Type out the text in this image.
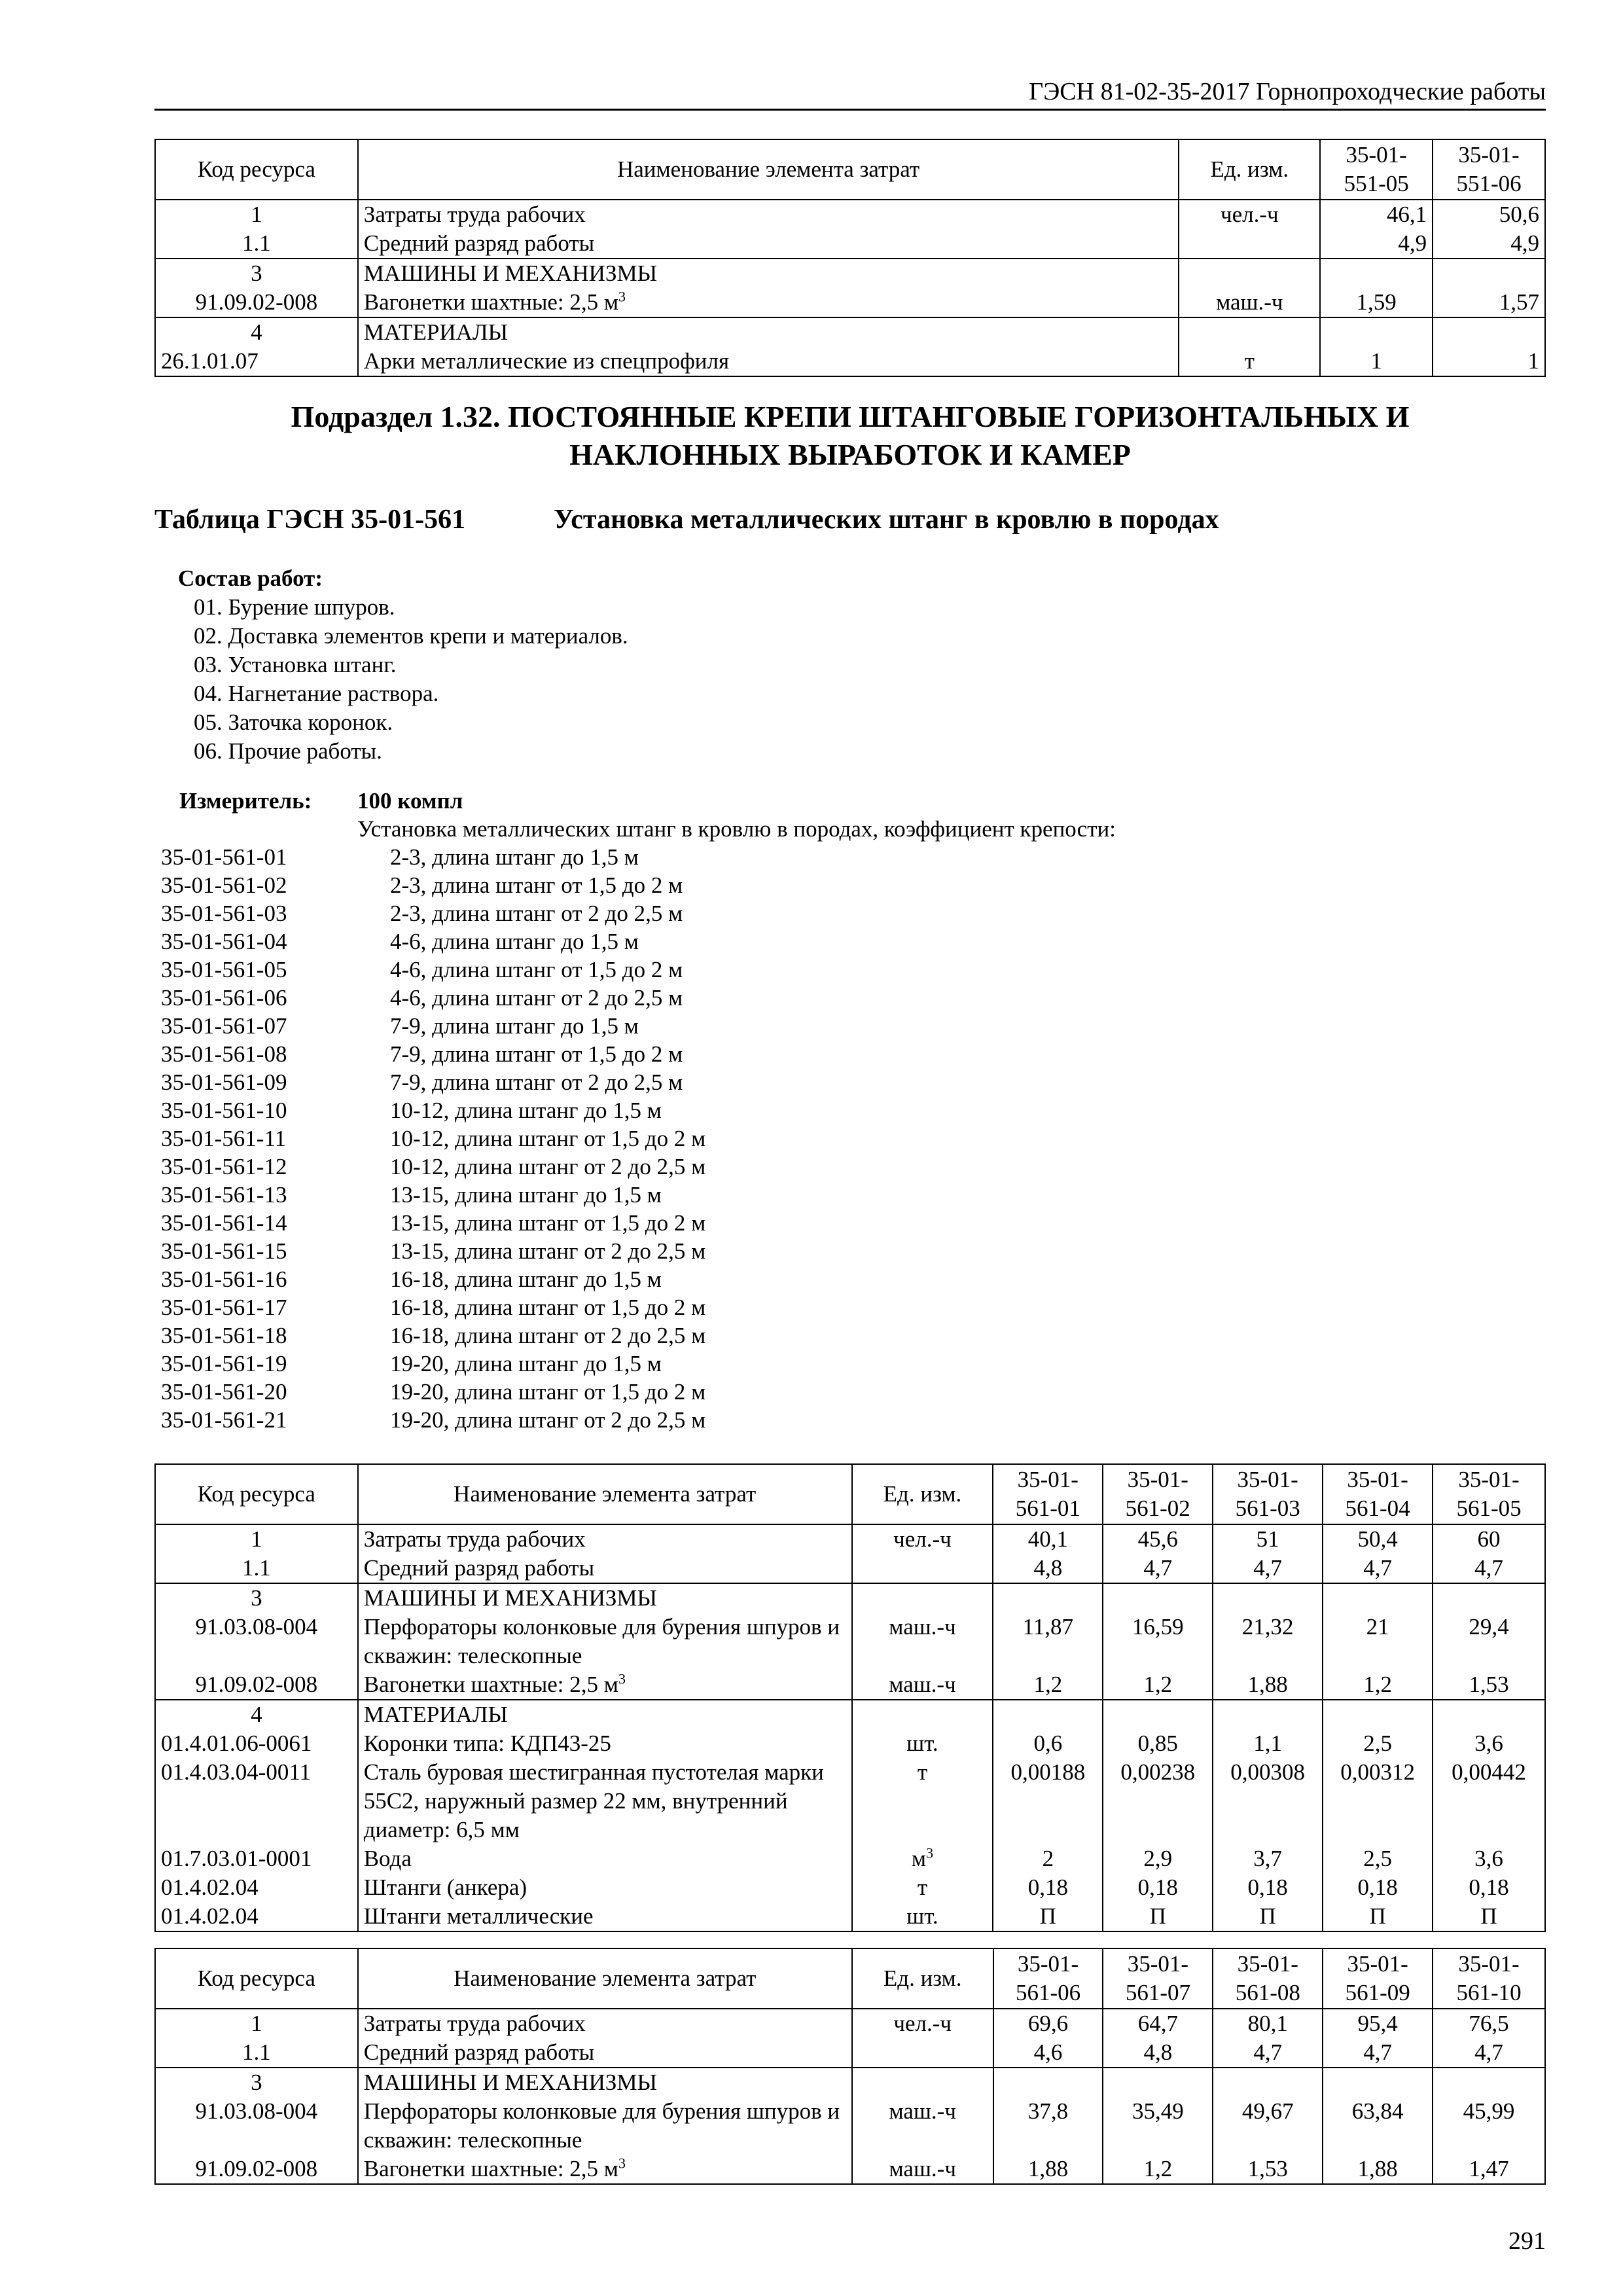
ГЭСН 81-02-35-2017 Горнопроходческие работы
Код ресурса	Наименование элемента затрат	Ед. изм.	35-01-551-05	35-01-551-06
1	Затраты труда рабочих	чел.-ч	46,1	50,6
1.1	Средний разряд работы		4,9	4,9
3	МАШИНЫ И МЕХАНИЗМЫ			
91.09.02-008	Вагонетки шахтные: 2,5 $м^3$	маш.-ч	1,59	1,57
4	МАТЕРИАЛЫ			
26.1.01.07	Арки металлические из спецпрофиля	т	1	1
Подраздел 1.32. ПОСТОЯННЫЕ КРЕПИ ШТАНГОВЫЕ ГОРИЗОНТАЛЬНЫХ И
НАКЛОННЫХ ВЫРАБОТОК И КАМЕР
Таблица ГЭСН 35-01-561	Установка металлических штанг в кровлю в породах
Состав работ:
01. Бурение шпуров.
02. Доставка элементов крепи и материалов.
03. Установка штанг.
04. Нагнетание раствора.
05. Заточка коронок.
06. Прочие работы.
Измеритель: 100 компл
Установка металлических штанг в кровлю в породах, коэффициент крепости:
35-01-561-01	2-3, длина штанг до 1,5 м
35-01-561-02	2-3, длина штанг от 1,5 до 2 м
35-01-561-03	2-3, длина штанг от 2 до 2,5 м
35-01-561-04	4-6, длина штанг до 1,5 м
35-01-561-05	4-6, длина штанг от 1,5 до 2 м
35-01-561-06	4-6, длина штанг от 2 до 2,5 м
35-01-561-07	7-9, длина штанг до 1,5 м
35-01-561-08	7-9, длина штанг от 1,5 до 2 м
35-01-561-09	7-9, длина штанг от 2 до 2,5 м
35-01-561-10	10-12, длина штанг до 1,5 м
35-01-561-11	10-12, длина штанг от 1,5 до 2 м
35-01-561-12	10-12, длина штанг от 2 до 2,5 м
35-01-561-13	13-15, длина штанг до 1,5 м
35-01-561-14	13-15, длина штанг от 1,5 до 2 м
35-01-561-15	13-15, длина штанг от 2 до 2,5 м
35-01-561-16	16-18, длина штанг до 1,5 м
35-01-561-17	16-18, длина штанг от 1,5 до 2 м
35-01-561-18	16-18, длина штанг от 2 до 2,5 м
35-01-561-19	19-20, длина штанг до 1,5 м
35-01-561-20	19-20, длина штанг от 1,5 до 2 м
35-01-561-21	19-20, длина штанг от 2 до 2,5 м
Код ресурса	Наименование элемента затрат	Ед. изм.	35-01-561-01	35-01-561-02	35-01-561-03	35-01-561-04	35-01-561-05
1	Затраты труда рабочих	чел.-ч	40,1	45,6	51	50,4	60
1.1	Средний разряд работы		4,8	4,7	4,7	4,7	4,7
3	МАШИНЫ И МЕХАНИЗМЫ						
91.03.08-004	Перфораторы колонковые для бурения шпуров и скважин: телескопные	маш.-ч	11,87	16,59	21,32	21	29,4
91.09.02-008	Вагонетки шахтные: 2,5 $м^3$	маш.-ч	1,2	1,2	1,88	1,2	1,53
4	МАТЕРИАЛЫ						
01.4.01.06-0061	Коронки типа: КДП43-25	шт.	0,6	0,85	1,1	2,5	3,6
01.4.03.04-0011	Сталь буровая шестигранная пустотелая марки 55С2, наружный размер 22 мм, внутренний диаметр: 6,5 мм	т	0,00188	0,00238	0,00308	0,00312	0,00442
01.7.03.01-0001	Вода	$м^3$	2	2,9	3,7	2,5	3,6
01.4.02.04	Штанги (анкера)	т	0,18	0,18	0,18	0,18	0,18
01.4.02.04	Штанги металлические	шт.	П	П	П	П	П
Код ресурса	Наименование элемента затрат	Ед. изм.	35-01-561-06	35-01-561-07	35-01-561-08	35-01-561-09	35-01-561-10
1	Затраты труда рабочих	чел.-ч	69,6	64,7	80,1	95,4	76,5
1.1	Средний разряд работы		4,6	4,8	4,7	4,7	4,7
3	МАШИНЫ И МЕХАНИЗМЫ						
91.03.08-004	Перфораторы колонковые для бурения шпуров и скважин: телескопные	маш.-ч	37,8	35,49	49,67	63,84	45,99
91.09.02-008	Вагонетки шахтные: 2,5 $м^3$	маш.-ч	1,88	1,2	1,53	1,88	1,47
291
